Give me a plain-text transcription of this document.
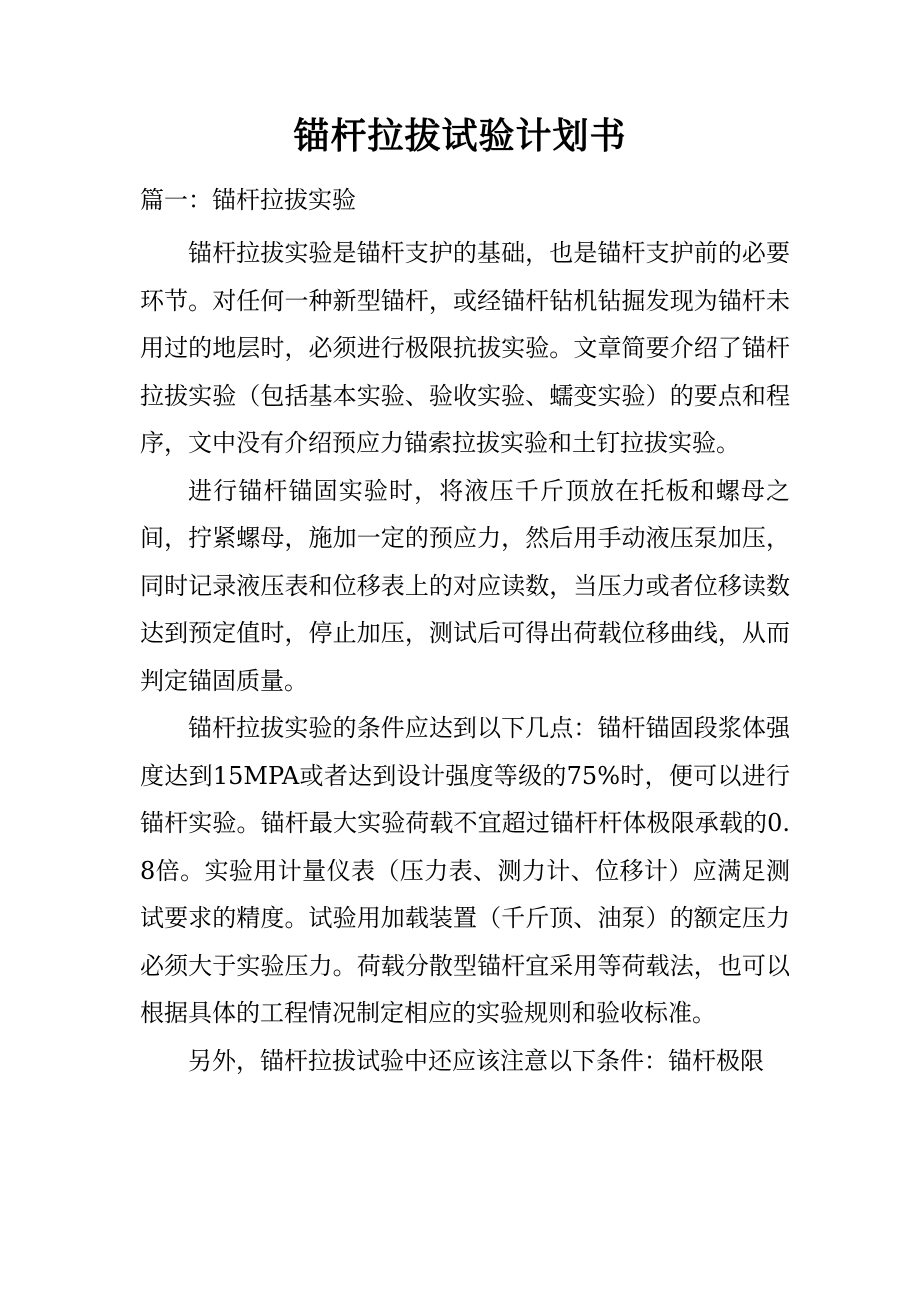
锚杆拉拔试验计划书
篇一：锚杆拉拔实验

锚杆拉拔实验是锚杆支护的基础，也是锚杆支护前的必要环节。对任何一种新型锚杆，或经锚杆钻机钻掘发现为锚杆未用过的地层时，必须进行极限抗拔实验。文章简要介绍了锚杆拉拔实验（包括基本实验、验收实验、蠕变实验）的要点和程序，文中没有介绍预应力锚索拉拔实验和土钉拉拔实验。

进行锚杆锚固实验时，将液压千斤顶放在托板和螺母之间，拧紧螺母，施加一定的预应力，然后用手动液压泵加压，同时记录液压表和位移表上的对应读数，当压力或者位移读数达到预定值时，停止加压，测试后可得出荷载位移曲线，从而判定锚固质量。

锚杆拉拔实验的条件应达到以下几点：锚杆锚固段浆体强度达到15MPA或者达到设计强度等级的75%时，便可以进行锚杆实验。锚杆最大实验荷载不宜超过锚杆杆体极限承载的0.8倍。实验用计量仪表（压力表、测力计、位移计）应满足测试要求的精度。试验用加载装置（千斤顶、油泵）的额定压力必须大于实验压力。荷载分散型锚杆宜采用等荷载法，也可以根据具体的工程情况制定相应的实验规则和验收标准。

另外，锚杆拉拔试验中还应该注意以下条件：锚杆极限
